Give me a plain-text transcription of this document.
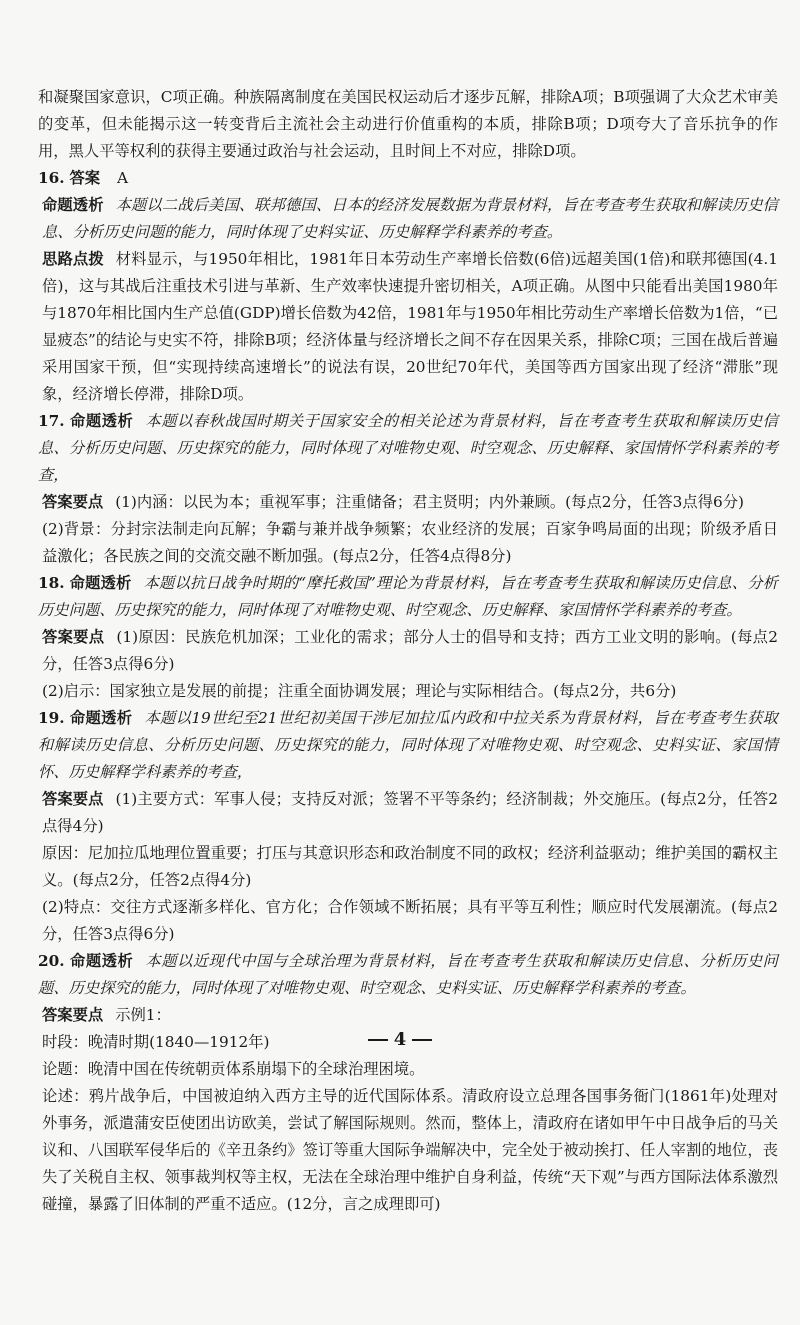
和凝聚国家意识，C项正确。种族隔离制度在美国民权运动后才逐步瓦解，排除A项；B项强调了大众艺术审美的变革，但未能揭示这一转变背后主流社会主动进行价值重构的本质，排除B项；D项夸大了音乐抗争的作用，黑人平等权利的获得主要通过政治与社会运动，且时间上不对应，排除D项。

16. 答案 A

命题透析 本题以二战后美国、联邦德国、日本的经济发展数据为背景材料，旨在考查考生获取和解读历史信息、分析历史问题的能力，同时体现了史料实证、历史解释学科素养的考查。

思路点拨 材料显示，与1950年相比，1981年日本劳动生产率增长倍数(6倍)远超美国(1倍)和联邦德国(4.1倍)，这与其战后注重技术引进与革新、生产效率快速提升密切相关，A项正确。从图中只能看出美国1980年与1870年相比国内生产总值(GDP)增长倍数为42倍，1981年与1950年相比劳动生产率增长倍数为1倍，“已显疲态”的结论与史实不符，排除B项；经济体量与经济增长之间不存在因果关系，排除C项；三国在战后普遍采用国家干预，但“实现持续高速增长”的说法有误，20世纪70年代，美国等西方国家出现了经济“滞胀”现象，经济增长停滞，排除D项。

17. 命题透析 本题以春秋战国时期关于国家安全的相关论述为背景材料，旨在考查考生获取和解读历史信息、分析历史问题、历史探究的能力，同时体现了对唯物史观、时空观念、历史解释、家国情怀学科素养的考查，

答案要点 (1)内涵：以民为本；重视军事；注重储备；君主贤明；内外兼顾。(每点2分，任答3点得6分)

(2)背景：分封宗法制走向瓦解；争霸与兼并战争频繁；农业经济的发展；百家争鸣局面的出现；阶级矛盾日益激化；各民族之间的交流交融不断加强。(每点2分，任答4点得8分)

18. 命题透析 本题以抗日战争时期的“摩托救国”理论为背景材料，旨在考查考生获取和解读历史信息、分析历史问题、历史探究的能力，同时体现了对唯物史观、时空观念、历史解释、家国情怀学科素养的考查。

答案要点 (1)原因：民族危机加深；工业化的需求；部分人士的倡导和支持；西方工业文明的影响。(每点2分，任答3点得6分)

(2)启示：国家独立是发展的前提；注重全面协调发展；理论与实际相结合。(每点2分，共6分)

19. 命题透析 本题以19世纪至21世纪初美国干涉尼加拉瓜内政和中拉关系为背景材料，旨在考查考生获取和解读历史信息、分析历史问题、历史探究的能力，同时体现了对唯物史观、时空观念、史料实证、家国情怀、历史解释学科素养的考查，

答案要点 (1)主要方式：军事人侵；支持反对派；签署不平等条约；经济制裁；外交施压。(每点2分，任答2点得4分)

原因：尼加拉瓜地理位置重要；打压与其意识形态和政治制度不同的政权；经济利益驱动；维护美国的霸权主义。(每点2分，任答2点得4分)

(2)特点：交往方式逐渐多样化、官方化；合作领域不断拓展；具有平等互利性；顺应时代发展潮流。(每点2分，任答3点得6分)

20. 命题透析 本题以近现代中国与全球治理为背景材料，旨在考查考生获取和解读历史信息、分析历史问题、历史探究的能力，同时体现了对唯物史观、时空观念、史料实证、历史解释学科素养的考查。

答案要点 示例1：

时段：晚清时期(1840—1912年)

论题：晚清中国在传统朝贡体系崩塌下的全球治理困境。

论述：鸦片战争后，中国被迫纳入西方主导的近代国际体系。清政府设立总理各国事务衙门(1861年)处理对外事务，派遣蒲安臣使团出访欧美，尝试了解国际规则。然而，整体上，清政府在诸如甲午中日战争后的马关议和、八国联军侵华后的《辛丑条约》签订等重大国际争端解决中，完全处于被动挨打、任人宰割的地位，丧失了关税自主权、领事裁判权等主权，无法在全球治理中维护自身利益，传统“天下观”与西方国际法体系激烈碰撞，暴露了旧体制的严重不适应。(12分，言之成理即可)

4
